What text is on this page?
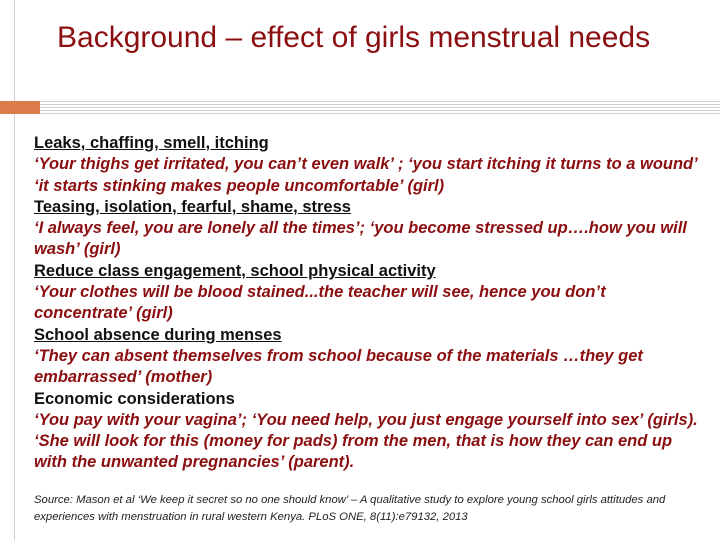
Background – effect of girls menstrual needs
Leaks, chaffing, smell, itching
‘Your thighs get irritated, you can’t even walk’ ; ‘you start itching it turns to a wound’ ‘it starts stinking makes people uncomfortable’ (girl)
Teasing, isolation, fearful, shame, stress
‘I always feel, you are lonely all the times’; ‘you become stressed up….how you will wash’ (girl)
Reduce class engagement, school physical activity
‘Your clothes will be blood stained...the teacher will see, hence you don’t concentrate’ (girl)
School absence during menses
‘They can absent themselves from school because of the materials …they get embarrassed’ (mother)
Economic considerations
‘You pay with your vagina’; ‘You need help, you just engage yourself into sex’ (girls). ‘She will look for this (money for pads) from the men, that is how they can end up with the unwanted pregnancies’ (parent).
Source: Mason et al ‘We keep it secret so no one should know’ – A qualitative study to explore young school girls attitudes and experiences with menstruation in rural western Kenya. PLoS ONE, 8(11):e79132, 2013
